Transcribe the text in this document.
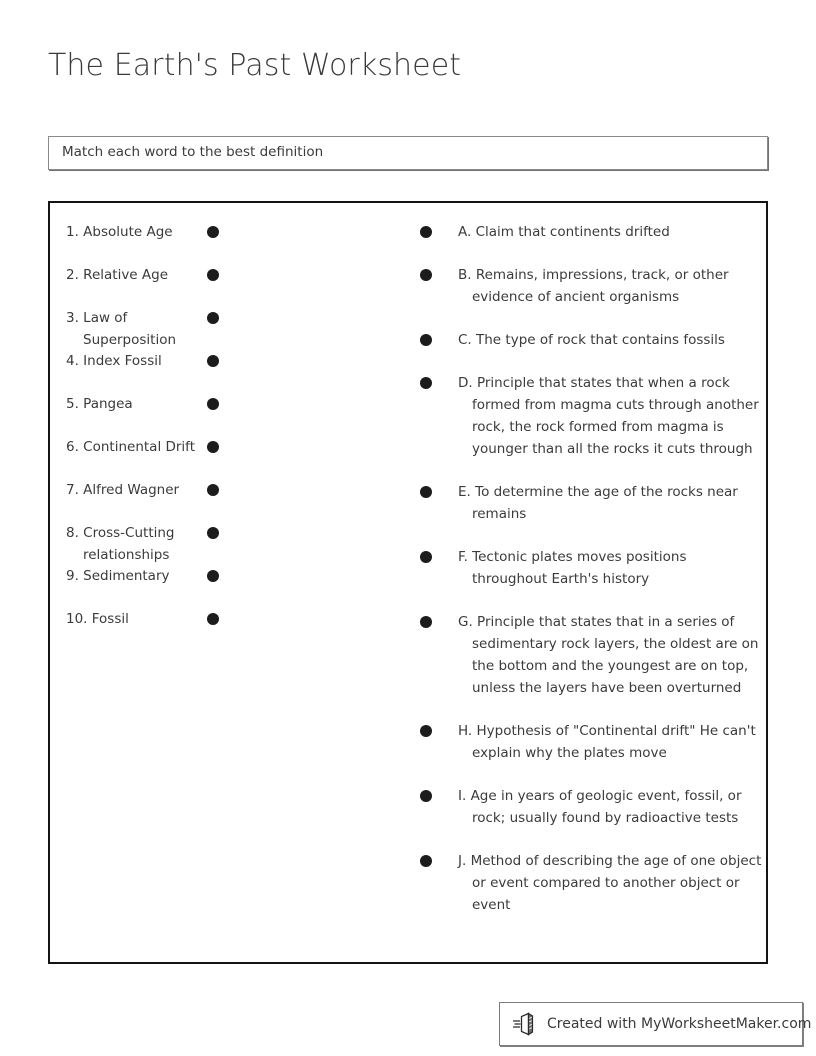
The Earth's Past Worksheet
Match each word to the best definition
1. Absolute Age
2. Relative Age
3. Law of Superposition
4. Index Fossil
5. Pangea
6. Continental Drift
7. Alfred Wagner
8. Cross-Cutting relationships
9. Sedimentary
10. Fossil
A. Claim that continents drifted
B. Remains, impressions, track, or other evidence of ancient organisms
C. The type of rock that contains fossils
D. Principle that states that when a rock formed from magma cuts through another rock, the rock formed from magma is younger than all the rocks it cuts through
E. To determine the age of the rocks near remains
F. Tectonic plates moves positions throughout Earth's history
G. Principle that states that in a series of sedimentary rock layers, the oldest are on the bottom and the youngest are on top, unless the layers have been overturned
H. Hypothesis of "Continental drift" He can't explain why the plates move
I. Age in years of geologic event, fossil, or rock; usually found by radioactive tests
J. Method of describing the age of one object or event compared to another object or event
Created with MyWorksheetMaker.com
